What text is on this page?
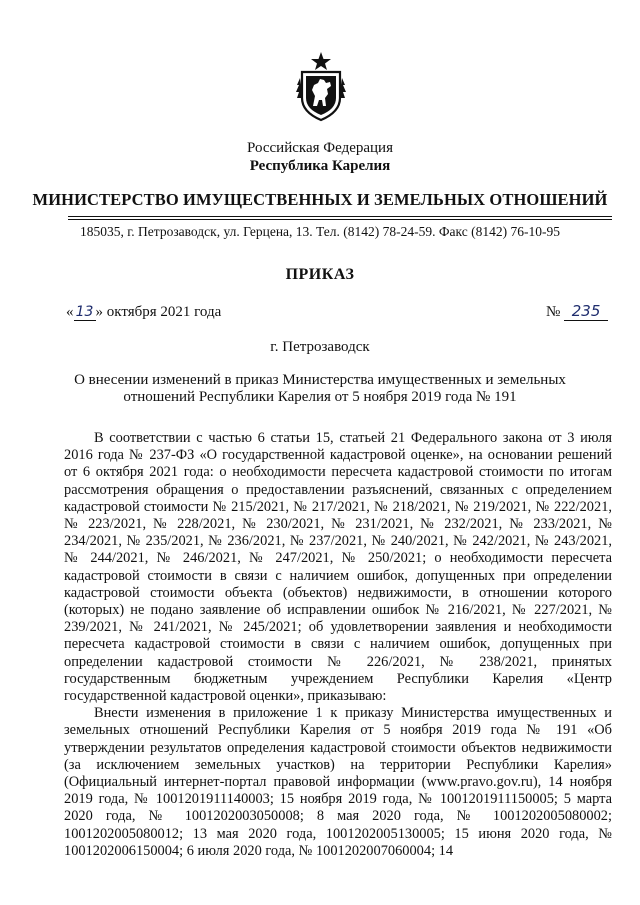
Российская Федерация
Республика Карелия
МИНИСТЕРСТВО ИМУЩЕСТВЕННЫХ И ЗЕМЕЛЬНЫХ ОТНОШЕНИЙ
185035, г. Петрозаводск, ул. Герцена, 13. Тел. (8142) 78-24-59. Факс (8142) 76-10-95
ПРИКАЗ
« 13 » октября 2021 года	№ 235
г. Петрозаводск
О внесении изменений в приказ Министерства имущественных и земельных
отношений Республики Карелия от 5 ноября 2019 года № 191

В соответствии с частью 6 статьи 15, статьей 21 Федерального закона от 3 июля 2016 года № 237-ФЗ «О государственной кадастровой оценке», на основании решений от 6 октября 2021 года: о необходимости пересчета кадастровой стоимости по итогам рассмотрения обращения о предоставлении разъяснений, связанных с определением кадастровой стоимости № 215/2021, № 217/2021, № 218/2021, № 219/2021, № 222/2021, № 223/2021, № 228/2021, № 230/2021, № 231/2021, № 232/2021, № 233/2021, № 234/2021, № 235/2021, № 236/2021, № 237/2021, № 240/2021, № 242/2021, № 243/2021, № 244/2021, № 246/2021, № 247/2021, № 250/2021; о необходимости пересчета кадастровой стоимости в связи с наличием ошибок, допущенных при определении кадастровой стоимости объекта (объектов) недвижимости, в отношении которого (которых) не подано заявление об исправлении ошибок № 216/2021, № 227/2021, № 239/2021, № 241/2021, № 245/2021; об удовлетворении заявления и необходимости пересчета кадастровой стоимости в связи с наличием ошибок, допущенных при определении кадастровой стоимости № 226/2021, № 238/2021, принятых государственным бюджетным учреждением Республики Карелия «Центр государственной кадастровой оценки», приказываю:

Внести изменения в приложение 1 к приказу Министерства имущественных и земельных отношений Республики Карелия от 5 ноября 2019 года № 191 «Об утверждении результатов определения кадастровой стоимости объектов недвижимости (за исключением земельных участков) на территории Республики Карелия» (Официальный интернет-портал правовой информации (www.pravo.gov.ru), 14 ноября 2019 года, № 1001201911140003; 15 ноября 2019 года, № 1001201911150005; 5 марта 2020 года, № 1001202003050008; 8 мая 2020 года, № 1001202005080002; 1001202005080012; 13 мая 2020 года, 1001202005130005; 15 июня 2020 года, № 1001202006150004; 6 июля 2020 года, № 1001202007060004; 14
